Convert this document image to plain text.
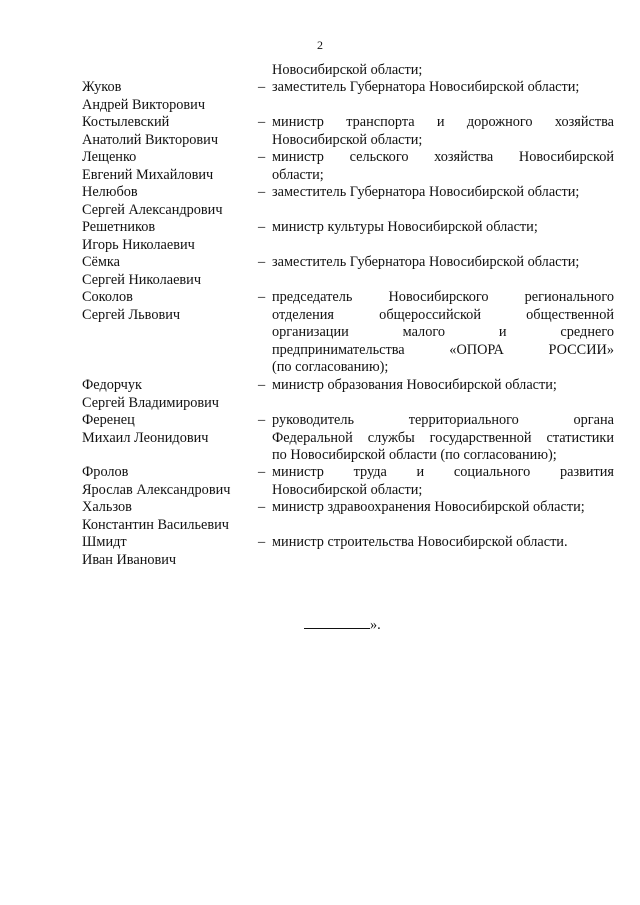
2
Новосибирской области;
Жуков
Андрей Викторович
– заместитель Губернатора Новосибирской области;
Костылевский
Анатолий Викторович
– министр транспорта и дорожного хозяйства
Новосибирской области;
Лещенко
Евгений Михайлович
– министр сельского хозяйства Новосибирской
области;
Нелюбов
Сергей Александрович
– заместитель Губернатора Новосибирской области;
Решетников
Игорь Николаевич
– министр культуры Новосибирской области;
Сёмка
Сергей Николаевич
– заместитель Губернатора Новосибирской области;
Соколов
Сергей Львович
– председатель Новосибирского регионального
отделения общероссийской общественной
организации малого и среднего
предпринимательства «ОПОРА РОССИИ»
(по согласованию);
Федорчук
Сергей Владимирович
– министр образования Новосибирской области;
Ференец
Михаил Леонидович
– руководитель территориального органа
Федеральной службы государственной статистики
по Новосибирской области (по согласованию);
Фролов
Ярослав Александрович
– министр труда и социального развития
Новосибирской области;
Хальзов
Константин Васильевич
– министр здравоохранения Новосибирской области;
Шмидт
Иван Иванович
– министр строительства Новосибирской области.
».
